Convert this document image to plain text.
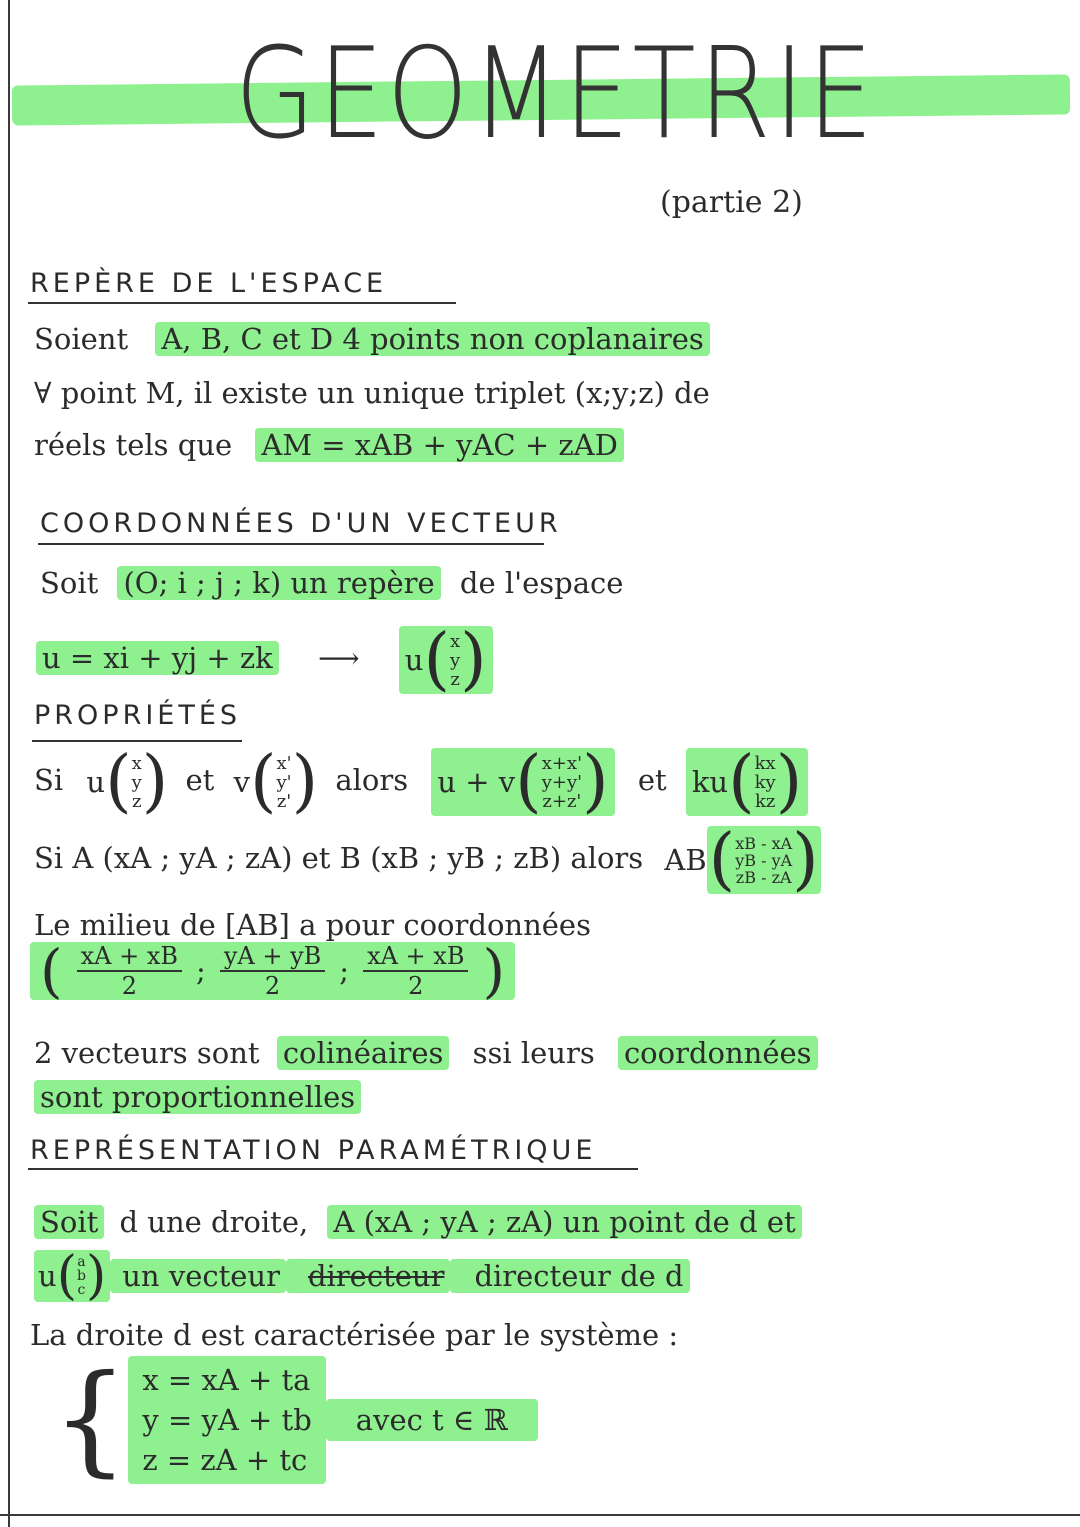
GEOMETRIE
(partie 2)
REPÈRE DE L'ESPACE
Soient A, B, C et D 4 points non coplanaires
∀ point M, il existe un unique triplet (x;y;z) de
réels tels que AM = xAB + yAC + zAD
COORDONNÉES D'UN VECTEUR
Soit (O; i ; j ; k) un repère de l'espace
u = xi + yj + zk ⟶ u ( x
y
z )
PROPRIÉTÉS
Si u ( x
y
z ) et v ( x'
y'
z' ) alors u + v ( x+x'
y+y'
z+z' ) et ku ( kx
ky
kz )
Si A (xA ; yA ; zA) et B (xB ; yB ; zB) alors AB ( xB - xA
yB - yA
zB - zA )
Le milieu de [AB] a pour coordonnées
( $\frac{xA + xB}{2}$ ; $\frac{yA + yB}{2}$ ; $\frac{xA + xB}{2}$ )
2 vecteurs sont colinéaires ssi leurs coordonnées
sont proportionnelles
REPRÉSENTATION PARAMÉTRIQUE
Soit d une droite, A (xA ; yA ; zA) un point de d et
u ( a
b
c ) un vecteur directeur	directeur de d
La droite d est caractérisée par le système :
{ x = xA + ta
y = yA + tb
z = zA + tc
avec t ∈ ℝ
